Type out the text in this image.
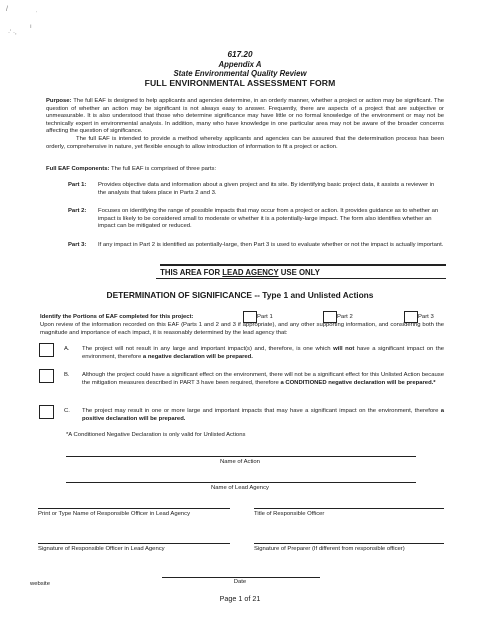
/
˙
ı
·ʼ ·,
617.20
Appendix A
State Environmental Quality Review
FULL ENVIRONMENTAL ASSESSMENT FORM
Purpose: The full EAF is designed to help applicants and agencies determine, in an orderly manner, whether a project or action may be significant. The question of whether an action may be significant is not always easy to answer. Frequently, there are aspects of a project that are subjective or unmeasurable. It is also understood that those who determine significance may have little or no formal knowledge of the environment or may not be technically expert in environmental analysis. In addition, many who have knowledge in one particular area may not be aware of the broader concerns affecting the question of significance.
The full EAF is intended to provide a method whereby applicants and agencies can be assured that the determination process has been orderly, comprehensive in nature, yet flexible enough to allow introduction of information to fit a project or action.
Full EAF Components: The full EAF is comprised of three parts:
Part 1: Provides objective data and information about a given project and its site. By identifying basic project data, it assists a reviewer in the analysis that takes place in Parts 2 and 3.
Part 2: Focuses on identifying the range of possible impacts that may occur from a project or action. It provides guidance as to whether an impact is likely to be considered small to moderate or whether it is a potentially-large impact. The form also identifies whether an impact can be mitigated or reduced.
Part 3: If any impact in Part 2 is identified as potentially-large, then Part 3 is used to evaluate whether or not the impact is actually important.
THIS AREA FOR LEAD AGENCY USE ONLY
DETERMINATION OF SIGNIFICANCE -- Type 1 and Unlisted Actions
Identify the Portions of EAF completed for this project:	Part 1	Part 2	Part 3
Upon review of the information recorded on this EAF (Parts 1 and 2 and 3 if appropriate), and any other supporting information, and considering both the magnitude and importance of each impact, it is reasonably determined by the lead agency that:
A. The project will not result in any large and important impact(s) and, therefore, is one which will not have a significant impact on the environment, therefore a negative declaration will be prepared.
B. Although the project could have a significant effect on the environment, there will not be a significant effect for this Unlisted Action because the mitigation measures described in PART 3 have been required, therefore a CONDITIONED negative declaration will be prepared.*
C. The project may result in one or more large and important impacts that may have a significant impact on the environment, therefore a positive declaration will be prepared.
*A Conditioned Negative Declaration is only valid for Unlisted Actions
Name of Action
Name of Lead Agency
Print or Type Name of Responsible Officer in Lead Agency	Title of Responsible Officer
Signature of Responsible Officer in Lead Agency	Signature of Preparer (If different from responsible officer)
website	Date
Page 1 of 21
